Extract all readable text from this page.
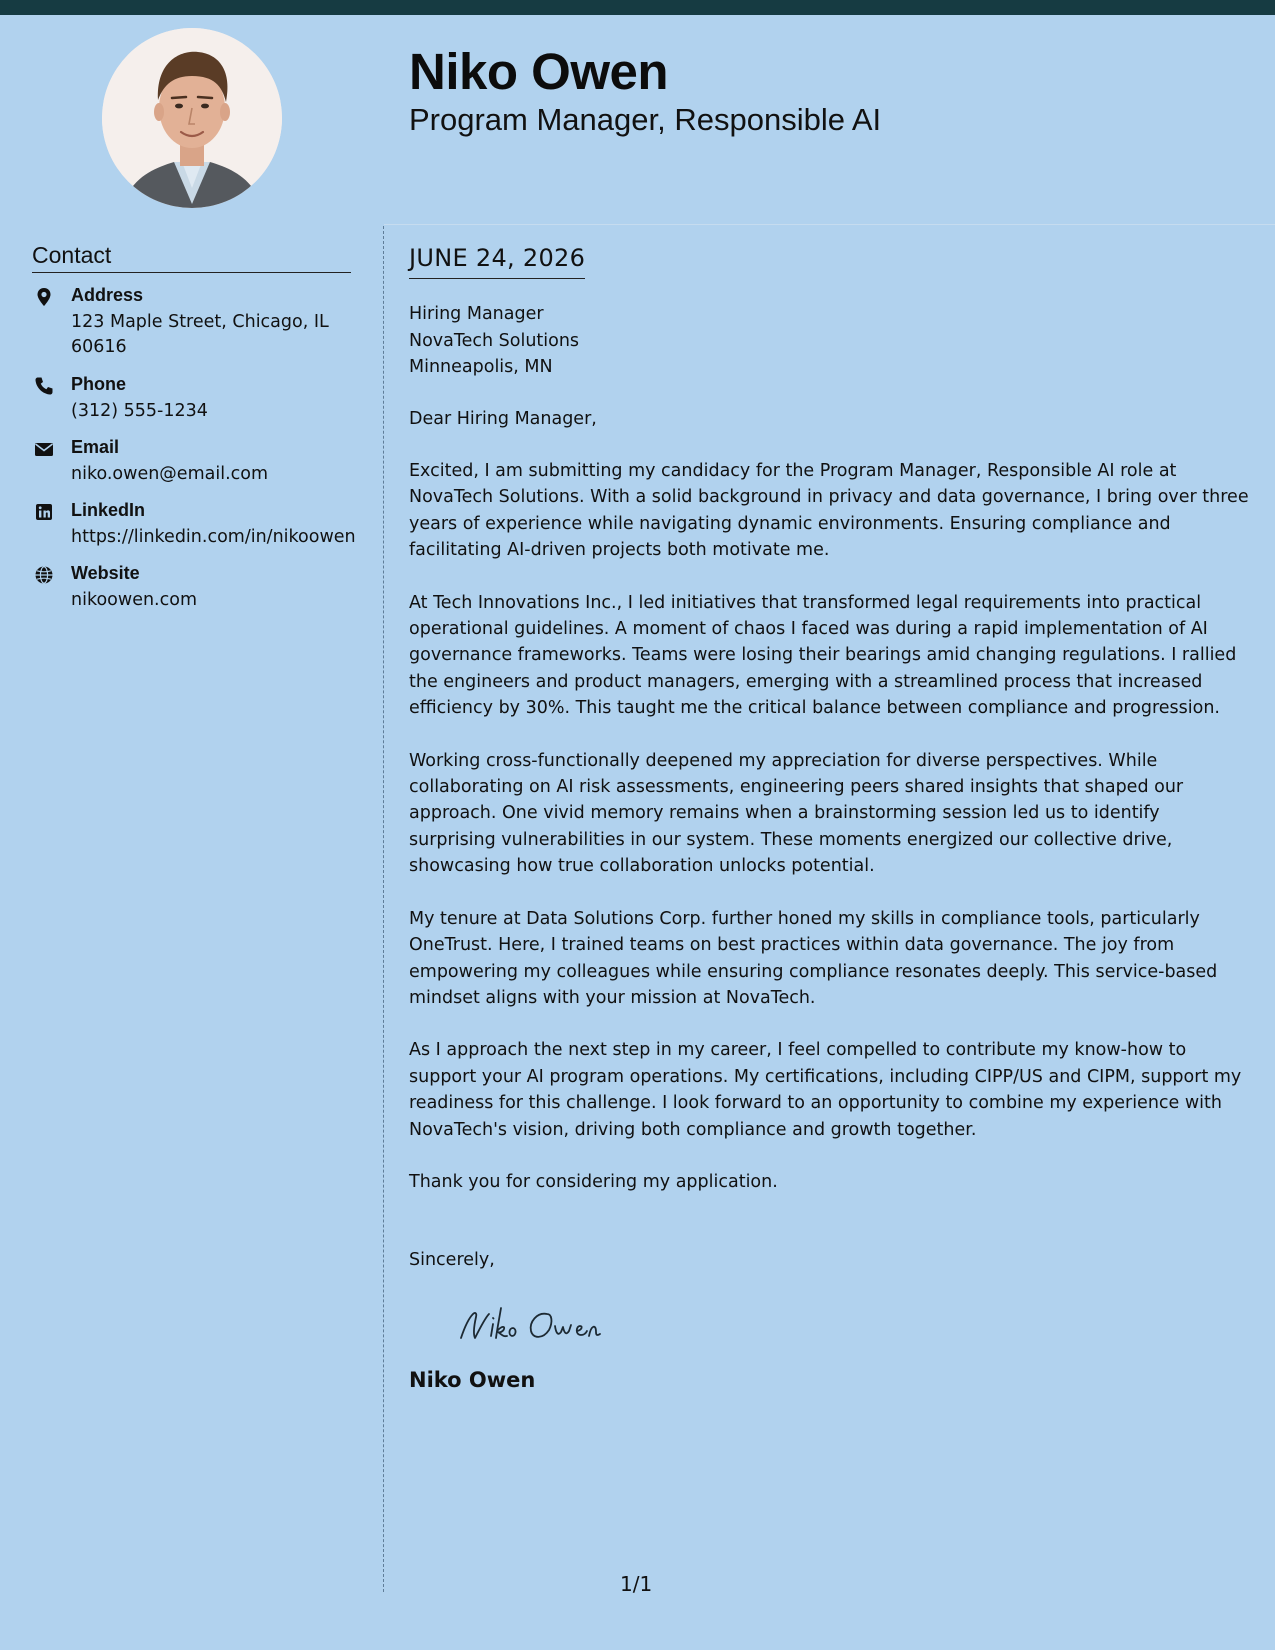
Niko Owen
Program Manager, Responsible AI
Contact
Address
123 Maple Street, Chicago, IL 60616
Phone
(312) 555-1234
Email
niko.owen@email.com
LinkedIn
https://linkedin.com/in/nikoowen
Website
nikoowen.com
JUNE 24, 2026
Hiring Manager
NovaTech Solutions
Minneapolis, MN
Dear Hiring Manager,
Excited, I am submitting my candidacy for the Program Manager, Responsible AI role at NovaTech Solutions. With a solid background in privacy and data governance, I bring over three years of experience while navigating dynamic environments. Ensuring compliance and facilitating AI-driven projects both motivate me.
At Tech Innovations Inc., I led initiatives that transformed legal requirements into practical operational guidelines. A moment of chaos I faced was during a rapid implementation of AI governance frameworks. Teams were losing their bearings amid changing regulations. I rallied the engineers and product managers, emerging with a streamlined process that increased efficiency by 30%. This taught me the critical balance between compliance and progression.
Working cross-functionally deepened my appreciation for diverse perspectives. While collaborating on AI risk assessments, engineering peers shared insights that shaped our approach. One vivid memory remains when a brainstorming session led us to identify surprising vulnerabilities in our system. These moments energized our collective drive, showcasing how true collaboration unlocks potential.
My tenure at Data Solutions Corp. further honed my skills in compliance tools, particularly OneTrust. Here, I trained teams on best practices within data governance. The joy from empowering my colleagues while ensuring compliance resonates deeply. This service-based mindset aligns with your mission at NovaTech.
As I approach the next step in my career, I feel compelled to contribute my know-how to support your AI program operations. My certifications, including CIPP/US and CIPM, support my readiness for this challenge. I look forward to an opportunity to combine my experience with NovaTech's vision, driving both compliance and growth together.
Thank you for considering my application.
Sincerely,
Niko Owen
1/1
